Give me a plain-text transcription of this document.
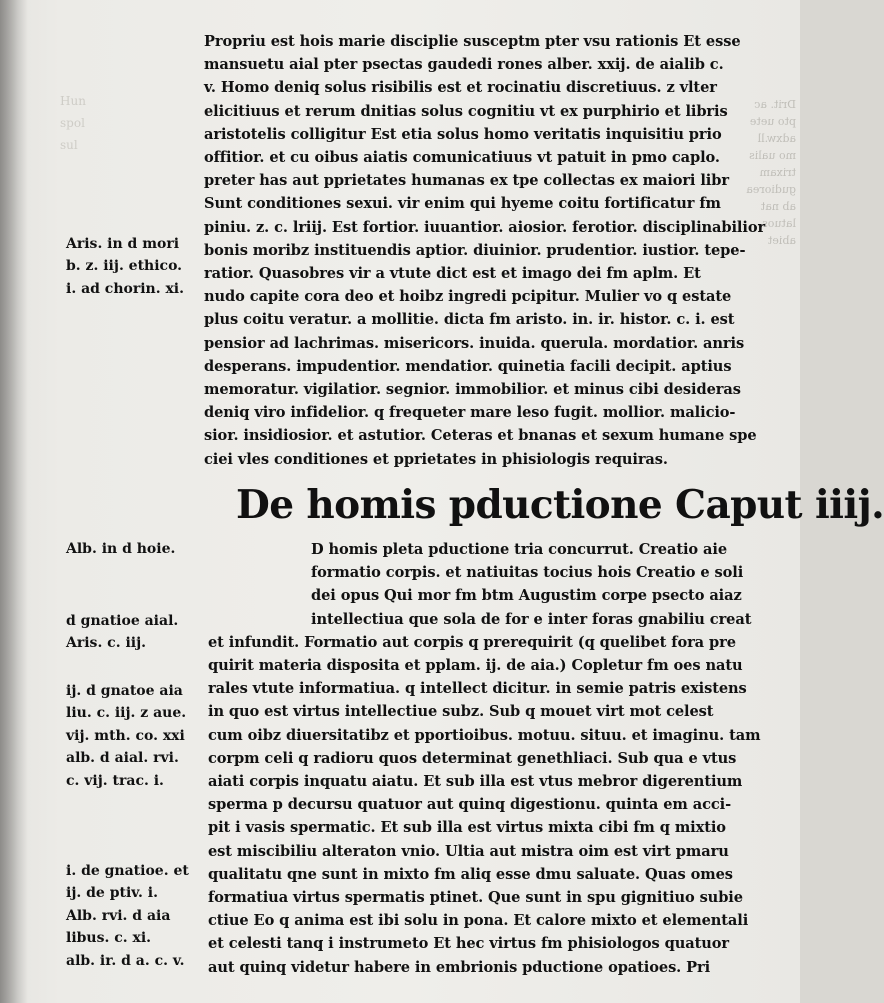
Drit. ac
pto uete
adxw.ll
mo ualis
trixam
gudiorea
ab nat
latuos
abiet
Hun
spol
sul
Propriu est hois marie disciplie susceptm pter vsu rationis Et esse
mansuetu aial pter psectas gaudedi rones alber. xxij. de aialib c.
v. Homo deniq solus risibilis est et rocinatiu discretiuus. z vlter
elicitiuus et rerum dnitias solus cognitiu vt ex purphirio et libris
aristotelis colligitur Est etia solus homo veritatis inquisitiu prio
offitior. et cu oibus aiatis comunicatiuus vt patuit in pmo caplo.
preter has aut pprietates humanas ex tpe collectas ex maiori libr
Sunt conditiones sexui. vir enim qui hyeme coitu fortificatur fm
piniu. z. c. lriij. Est fortior. iuuantior. aiosior. ferotior. disciplinabilior
bonis moribz instituendis aptior. diuinior. prudentior. iustior. tepe-
ratior. Quasobres vir a vtute dict est et imago dei fm aplm. Et
nudo capite cora deo et hoibz ingredi pcipitur. Mulier vo q estate
plus coitu veratur. a mollitie. dicta fm aristo. in. ir. histor. c. i. est
pensior ad lachrimas. misericors. inuida. querula. mordatior. anris
desperans. impudentior. mendatior. quinetia facili decipit. aptius
memoratur. vigilatior. segnior. immobilior. et minus cibi desideras
deniq viro infidelior. q frequeter mare leso fugit. mollior. malicio-
sior. insidiosior. et astutior. Ceteras et bnanas et sexum humane spe
ciei vles conditiones et pprietates in phisiologis requiras.
De homis pductione Caput iiij.
D homis pleta pductione tria concurrut. Creatio aie
formatio corpis. et natiuitas tocius hois Creatio e soli
dei opus Qui mor fm btm Augustim corpe psecto aiaz
intellectiua que sola de for e inter foras gnabiliu creat
et infundit. Formatio aut corpis q prerequirit (q quelibet fora pre
quirit materia disposita et pplam. ij. de aia.) Copletur fm oes natu
rales vtute informatiua. q intellect dicitur. in semie patris existens
in quo est virtus intellectiue subz. Sub q mouet virt mot celest
cum oibz diuersitatibz et pportioibus. motuu. situu. et imaginu. tam
corpm celi q radioru quos determinat genethliaci. Sub qua e vtus
aiati corpis inquatu aiatu. Et sub illa est vtus mebror digerentium
sperma p decursu quatuor aut quinq digestionu. quinta em acci-
pit i vasis spermatic. Et sub illa est virtus mixta cibi fm q mixtio
est miscibiliu alteraton vnio. Ultia aut mistra oim est virt pmaru
qualitatu qne sunt in mixto fm aliq esse dmu saluate. Quas omes
formatiua virtus spermatis ptinet. Que sunt in spu gignitiuo subie
ctiue Eo q anima est ibi solu in pona. Et calore mixto et elementali
et celesti tanq i instrumeto Et hec virtus fm phisiologos quatuor
aut quinq videtur habere in embrionis pductione opatioes. Pri
Aris. in d mori
b. z. iij. ethico.
i. ad chorin. xi.
Alb. in d hoie.
d gnatioe aial.
Aris. c. iij.
ij. d gnatoe aia
liu. c. iij. z aue.
vij. mth. co. xxi
alb. d aial. rvi.
c. vij. trac. i.
i. de gnatioe. et
ij. de ptiv. i.
Alb. rvi. d aia
libus. c. xi.
alb. ir. d a. c. v.
